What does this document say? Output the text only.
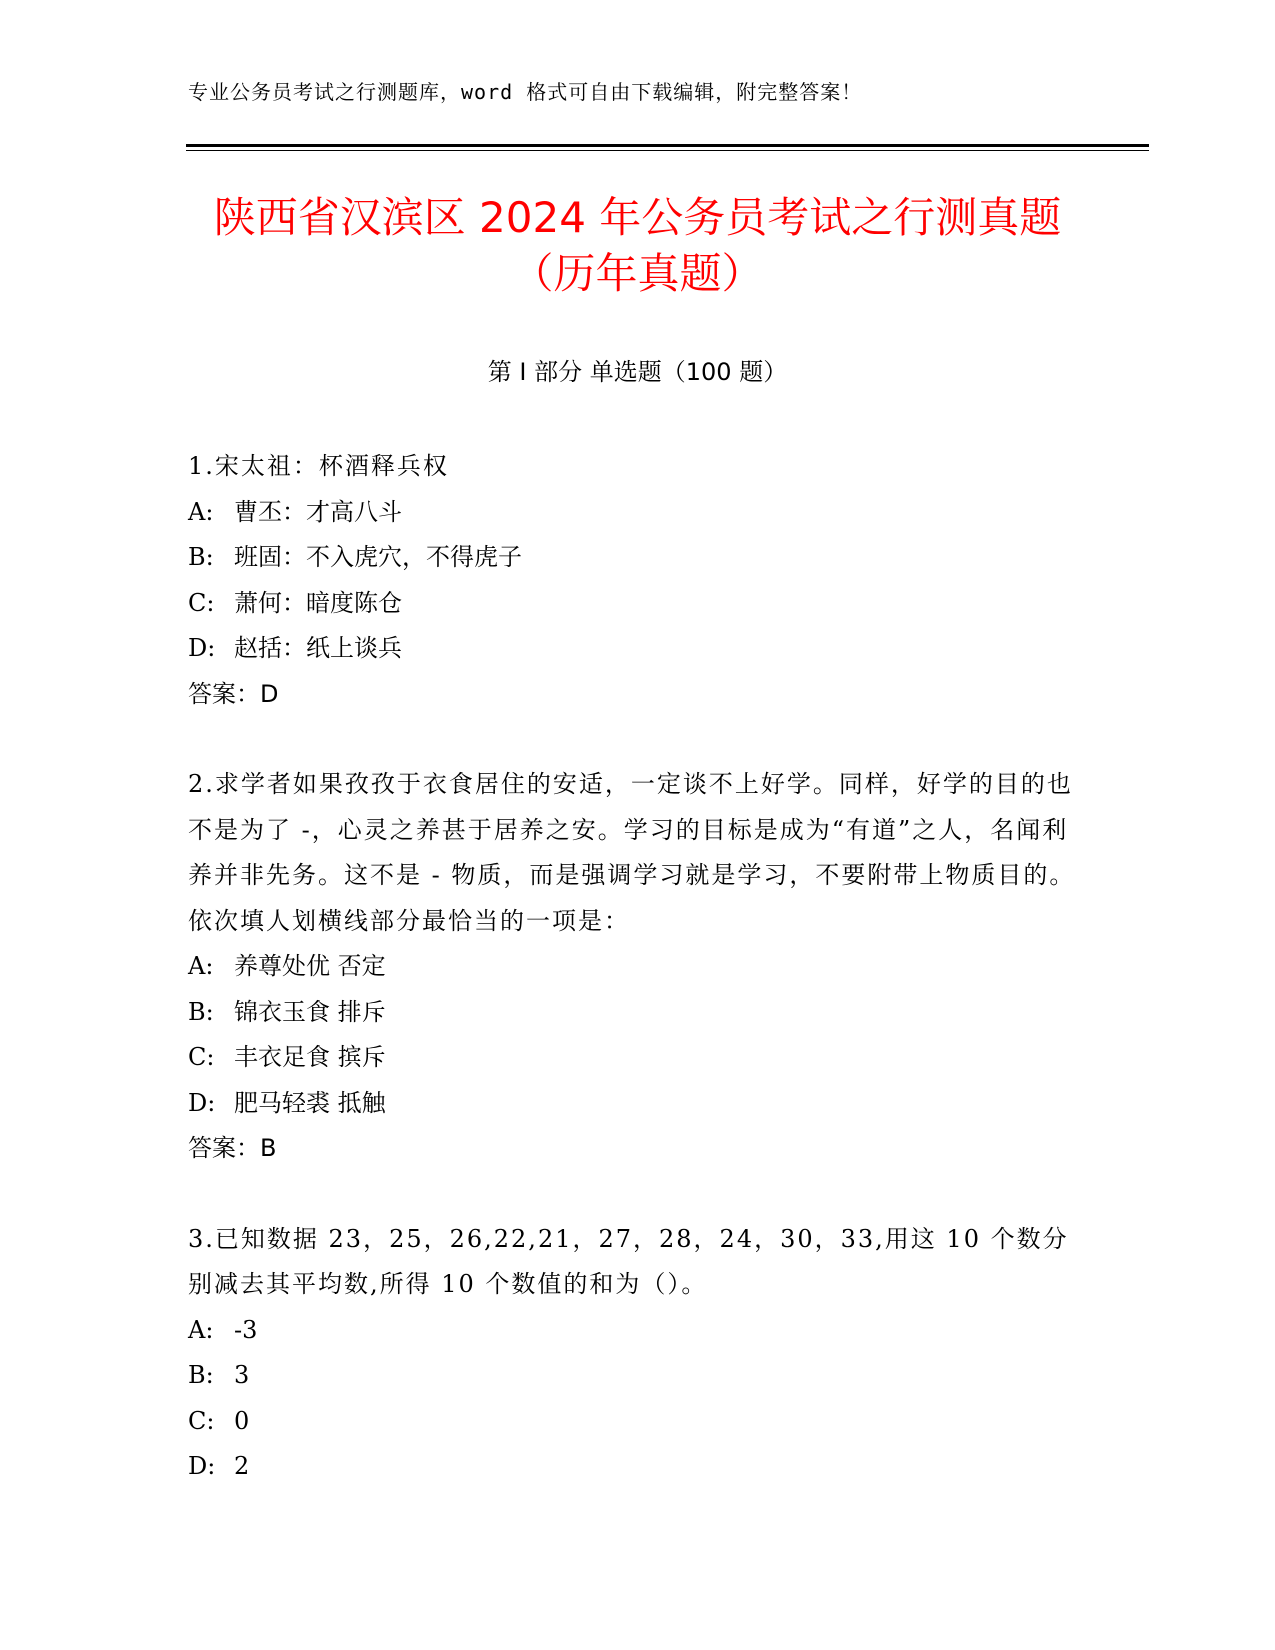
专业公务员考试之行测题库，word 格式可自由下载编辑，附完整答案！
陕西省汉滨区 2024 年公务员考试之行测真题
（历年真题）
第 I 部分 单选题（100 题）
1.宋太祖：杯酒释兵权
A: 曹丕：才高八斗
B: 班固：不入虎穴，不得虎子
C: 萧何：暗度陈仓
D: 赵括：纸上谈兵
答案：D
2.求学者如果孜孜于衣食居住的安适，一定谈不上好学。同样，好学的目的也不是为了 -，心灵之养甚于居养之安。学习的目标是成为“有道”之人，名闻利养并非先务。这不是 - 物质，而是强调学习就是学习，不要附带上物质目的。依次填人划横线部分最恰当的一项是：
A: 养尊处优 否定
B: 锦衣玉食 排斥
C: 丰衣足食 摈斥
D: 肥马轻裘 抵触
答案：B
3.已知数据 23，25，26,22,21，27，28，24，30，33,用这 10 个数分别减去其平均数,所得 10 个数值的和为（）。
A: -3
B: 3
C: 0
D: 2
